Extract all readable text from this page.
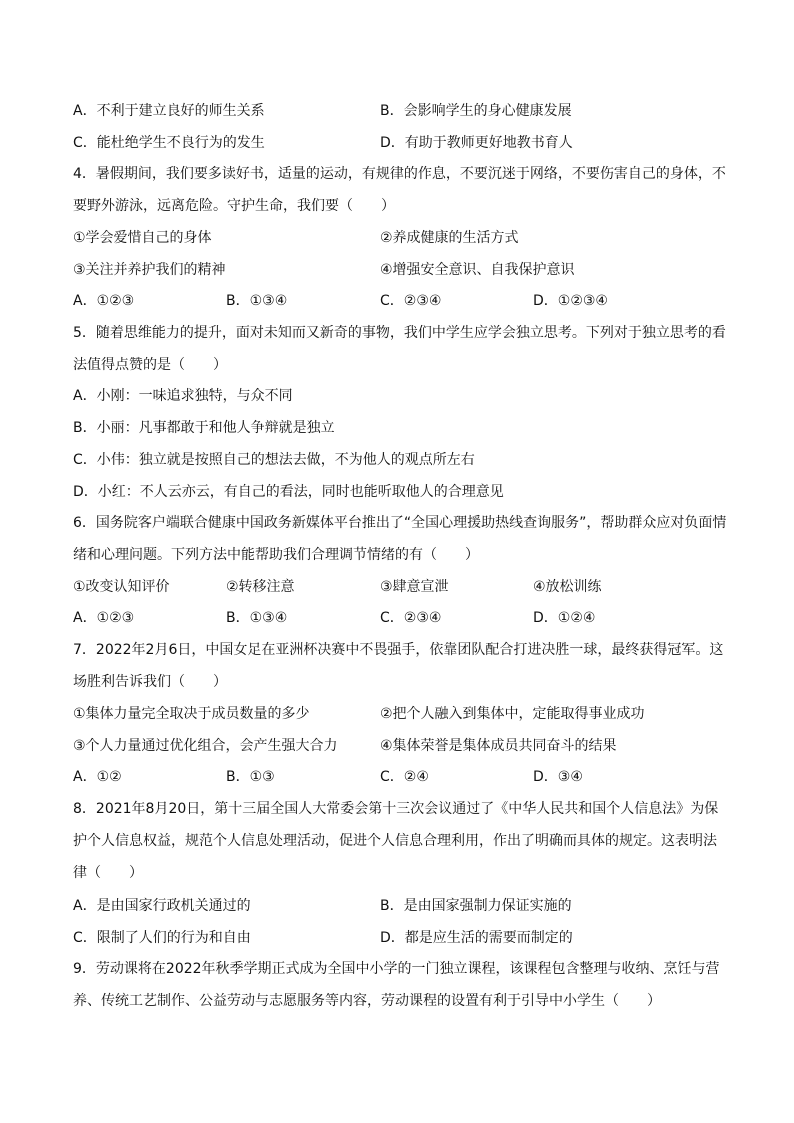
A．不利于建立良好的师生关系	B．会影响学生的身心健康发展
C．能杜绝学生不良行为的发生	D．有助于教师更好地教书育人
4．暑假期间，我们要多读好书，适量的运动，有规律的作息，不要沉迷于网络，不要伤害自己的身体，不
要野外游泳，远离危险。守护生命，我们要（　　）
①学会爱惜自己的身体	②养成健康的生活方式
③关注并养护我们的精神	④增强安全意识、自我保护意识
A．①②③	B．①③④	C．②③④	D．①②③④
5．随着思维能力的提升，面对未知而又新奇的事物，我们中学生应学会独立思考。下列对于独立思考的看
法值得点赞的是（　　）
A．小刚：一味追求独特，与众不同
B．小丽：凡事都敢于和他人争辩就是独立
C．小伟：独立就是按照自己的想法去做，不为他人的观点所左右
D．小红：不人云亦云，有自己的看法，同时也能听取他人的合理意见
6．国务院客户端联合健康中国政务新媒体平台推出了“全国心理援助热线查询服务”，帮助群众应对负面情
绪和心理问题。下列方法中能帮助我们合理调节情绪的有（　　）
①改变认知评价	②转移注意	③肆意宣泄	④放松训练
A．①②③	B．①③④	C．②③④	D．①②④
7．2022年2月6日，中国女足在亚洲杯决赛中不畏强手，依靠团队配合打进决胜一球，最终获得冠军。这
场胜利告诉我们（　　）
①集体力量完全取决于成员数量的多少	②把个人融入到集体中，定能取得事业成功
③个人力量通过优化组合，会产生强大合力	④集体荣誉是集体成员共同奋斗的结果
A．①②	B．①③	C．②④	D．③④
8．2021年8月20日，第十三届全国人大常委会第十三次会议通过了《中华人民共和国个人信息法》为保
护个人信息权益，规范个人信息处理活动，促进个人信息合理利用，作出了明确而具体的规定。这表明法
律（　　）
A．是由国家行政机关通过的	B．是由国家强制力保证实施的
C．限制了人们的行为和自由	D．都是应生活的需要而制定的
9．劳动课将在2022年秋季学期正式成为全国中小学的一门独立课程，该课程包含整理与收纳、烹饪与营
养、传统工艺制作、公益劳动与志愿服务等内容，劳动课程的设置有利于引导中小学生（　　）
